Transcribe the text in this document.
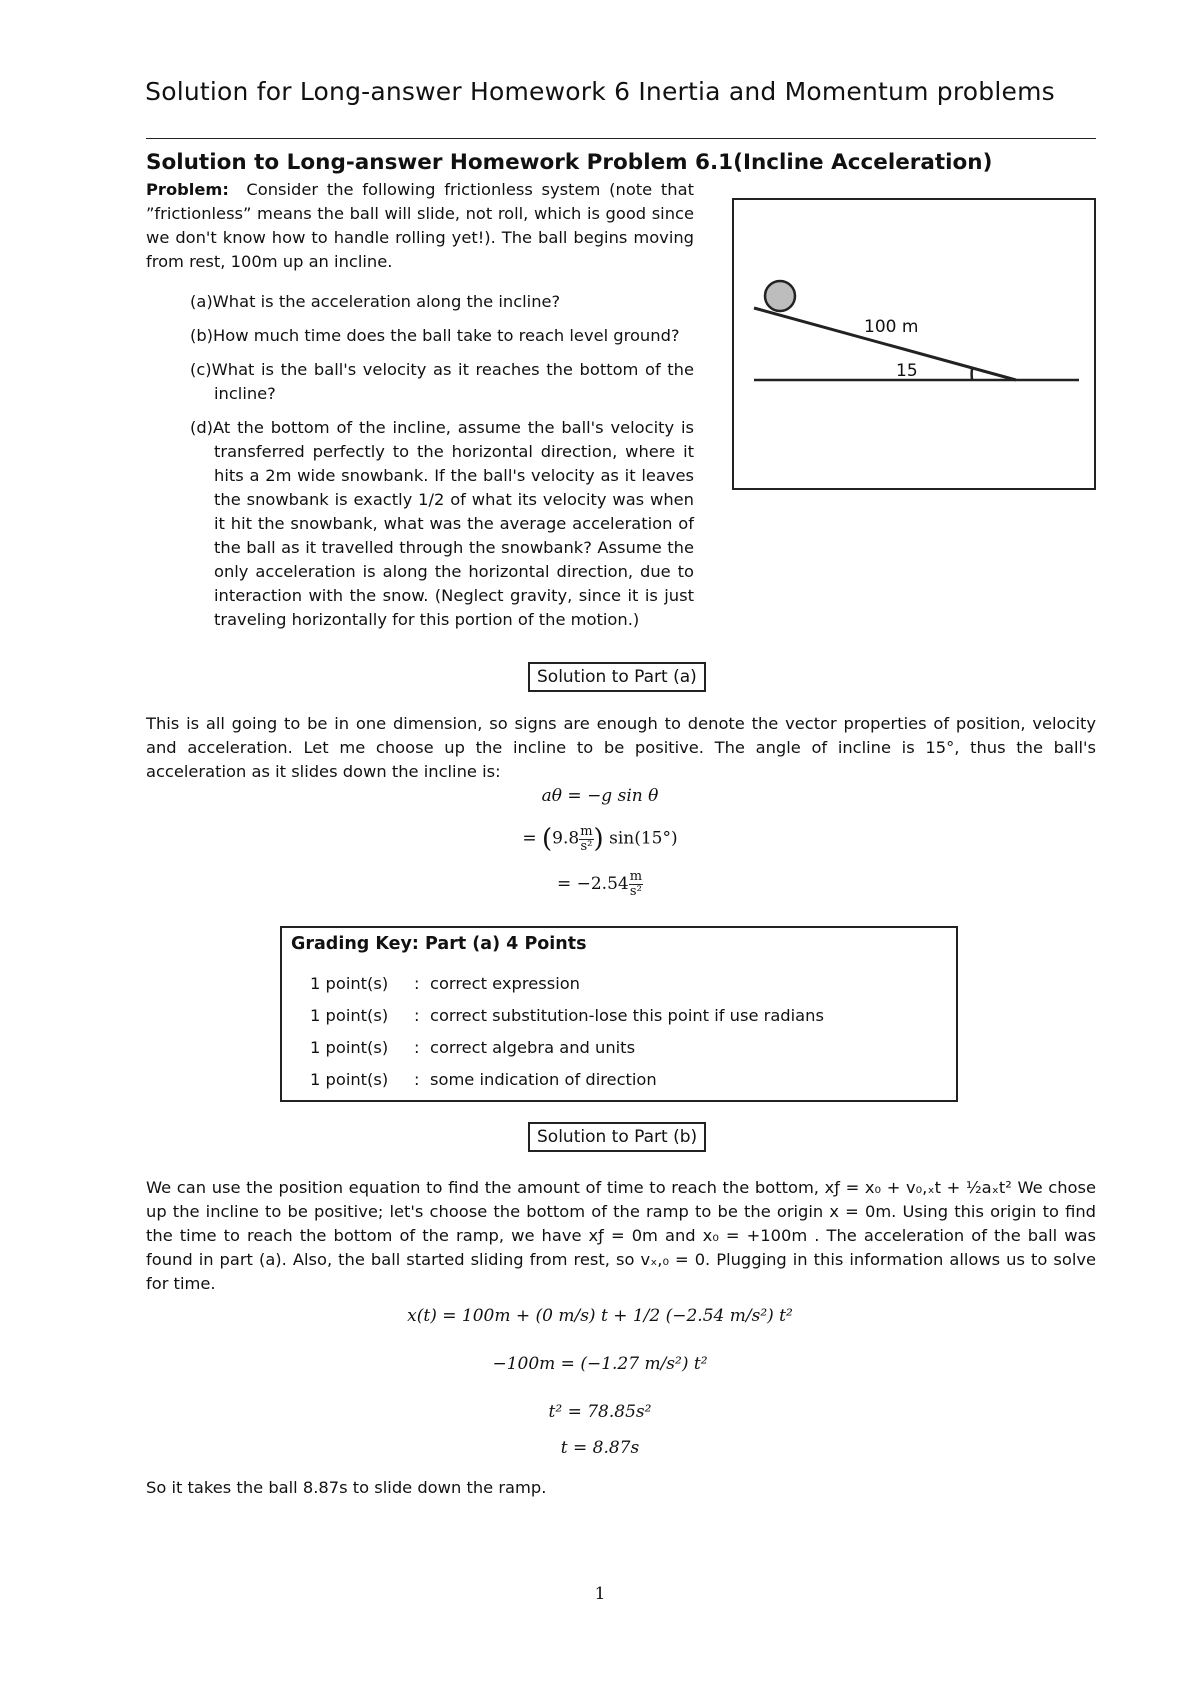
Solution for Long-answer Homework 6 Inertia and Momentum problems
Solution to Long-answer Homework Problem 6.1(Incline Acceleration)
Problem: Consider the following frictionless system (note that ”frictionless” means the ball will slide, not roll, which is good since we don't know how to handle rolling yet!). The ball begins moving from rest, 100m up an incline.
(a)What is the acceleration along the incline?
(b)How much time does the ball take to reach level ground?
(c)What is the ball's velocity as it reaches the bottom of the incline?
(d)At the bottom of the incline, assume the ball's velocity is transferred perfectly to the horizontal direction, where it hits a 2m wide snowbank. If the ball's velocity as it leaves the snowbank is exactly 1/2 of what its velocity was when it hit the snowbank, what was the average acceleration of the ball as it travelled through the snowbank? Assume the only acceleration is along the horizontal direction, due to interaction with the snow. (Neglect gravity, since it is just traveling horizontally for this portion of the motion.)
100 m
15
Solution to Part (a)
This is all going to be in one dimension, so signs are enough to denote the vector properties of position, velocity and acceleration. Let me choose up the incline to be positive. The angle of incline is 15°, thus the ball's acceleration as it slides down the incline is:
aθ = −g sin θ
= ($9.8 \frac{m}{\text{s²}}$ ) sin(15°)
= $-2.54 \frac{m}{\text{s²}}$
Grading Key: Part (a) 4 Points
1 point(s) : correct expression
1 point(s) : correct substitution-lose this point if use radians
1 point(s) : correct algebra and units
1 point(s) : some indication of direction
Solution to Part (b)
We can use the position equation to find the amount of time to reach the bottom, xƒ = x₀ + v₀,ₓt + ½aₓt² We chose up the incline to be positive; let's choose the bottom of the ramp to be the origin x = 0m. Using this origin to find the time to reach the bottom of the ramp, we have xƒ = 0m and x₀ = +100m . The acceleration of the ball was found in part (a). Also, the ball started sliding from rest, so vₓ,₀ = 0. Plugging in this information allows us to solve for time.
x(t) = 100m + (0 m/s) t + 1/2 (−2.54 m/s²) t²
−100m = (−1.27 m/s²) t²
t² = 78.85s²
t = 8.87s
So it takes the ball 8.87s to slide down the ramp.
1
